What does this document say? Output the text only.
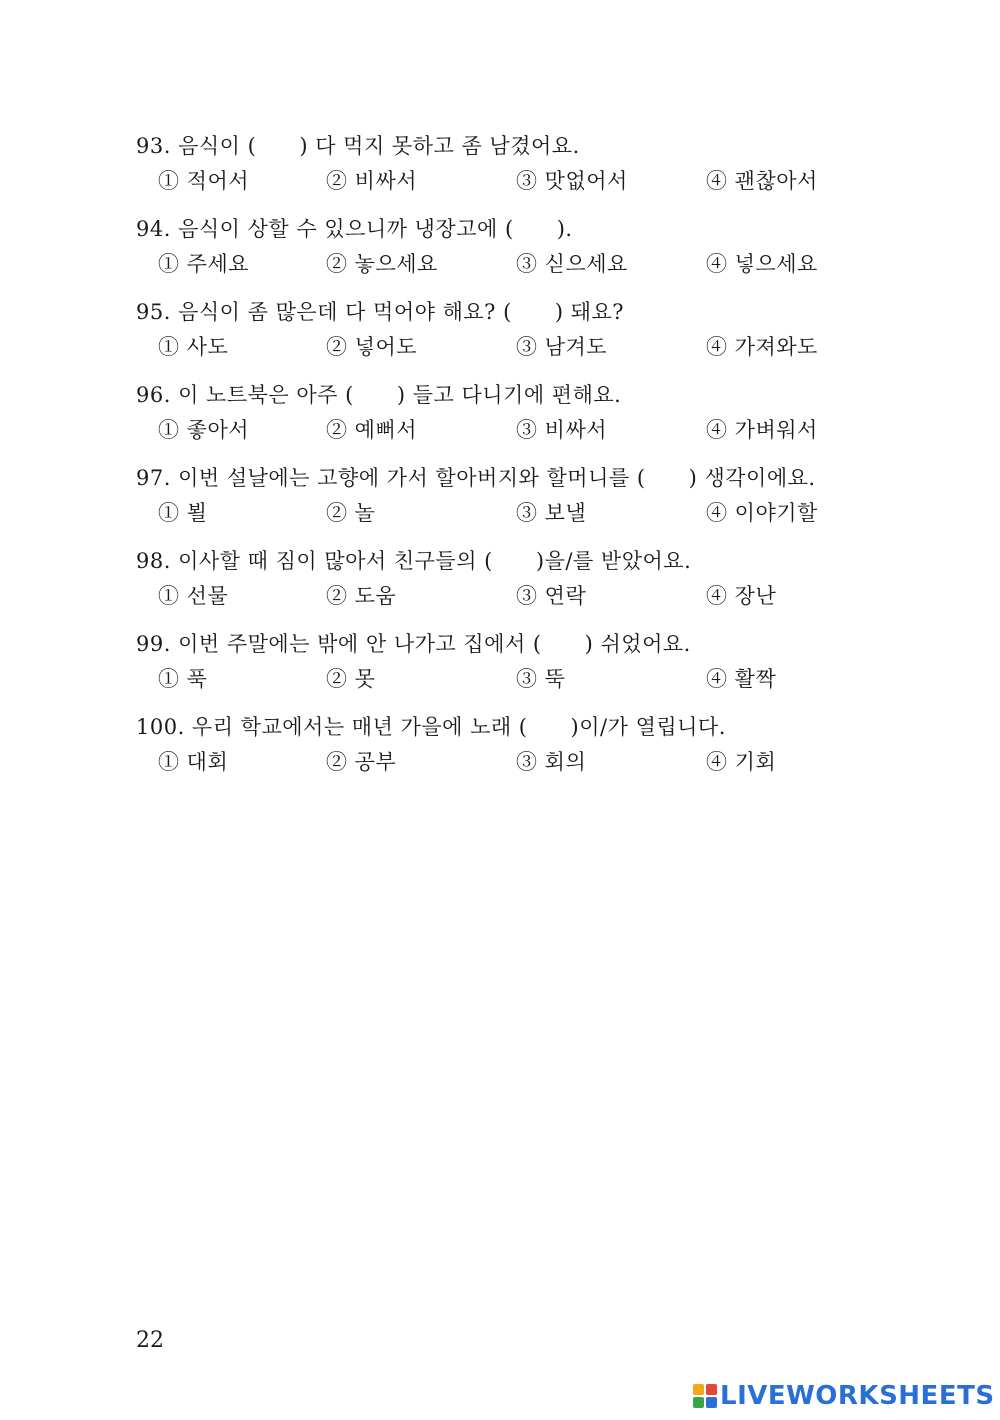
93. 음식이 (      ) 다 먹지 못하고 좀 남겼어요.
① 적어서	② 비싸서	③ 맛없어서	④ 괜찮아서
94. 음식이 상할 수 있으니까 냉장고에 (      ).
① 주세요	② 놓으세요	③ 싣으세요	④ 넣으세요
95. 음식이 좀 많은데 다 먹어야 해요? (      ) 돼요?
① 사도	② 넣어도	③ 남겨도	④ 가져와도
96. 이 노트북은 아주 (      ) 들고 다니기에 편해요.
① 좋아서	② 예뻐서	③ 비싸서	④ 가벼워서
97. 이번 설날에는 고향에 가서 할아버지와 할머니를 (      ) 생각이에요.
① 뵐	② 놀	③ 보낼	④ 이야기할
98. 이사할 때 짐이 많아서 친구들의 (      )을/를 받았어요.
① 선물	② 도움	③ 연락	④ 장난
99. 이번 주말에는 밖에 안 나가고 집에서 (      ) 쉬었어요.
① 푹	② 못	③ 뚝	④ 활짝
100. 우리 학교에서는 매년 가을에 노래 (      )이/가 열립니다.
① 대회	② 공부	③ 회의	④ 기회
22
LIVEWORKSHEETS
